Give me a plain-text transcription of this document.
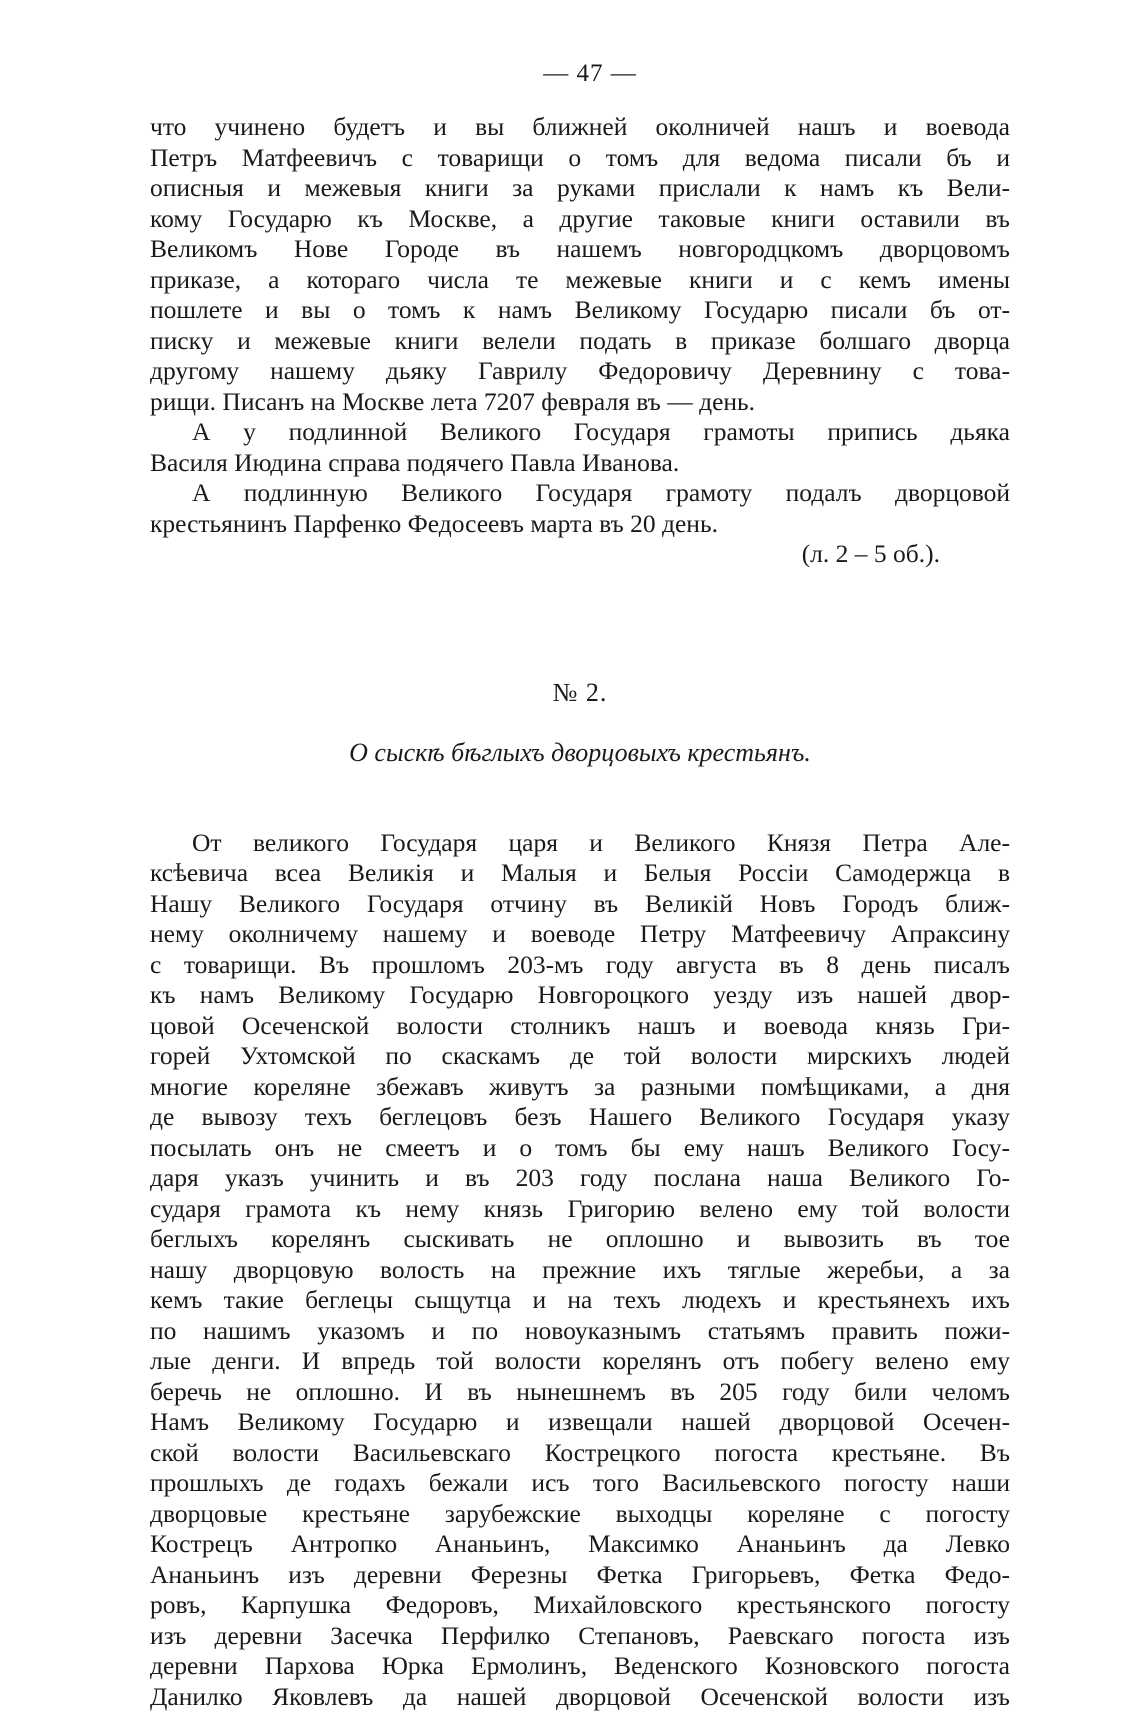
— 47 —
что учинено будетъ и вы ближней околничей нашъ и воевода
Петръ Матфеевичъ с товарищи о томъ для ведома писали бъ и
описныя и межевыя книги за руками прислали к намъ къ Вели-
кому Государю къ Москве, а другие таковые книги оставили въ
Великомъ Нове Городе въ нашемъ новгородцкомъ дворцовомъ
приказе, а котораго числа те межевые книги и с кемъ имены
пошлете и вы о томъ к намъ Великому Государю писали бъ от-
писку и межевые книги велели подать в приказе болшаго дворца
другому нашему дьяку Гаврилу Федоровичу Деревнину с това-
рищи. Писанъ на Москве лета 7207 февраля въ — день.
А у подлинной Великого Государя грамоты припись дьяка
Василя Июдина справа подячего Павла Иванова.
А подлинную Великого Государя грамоту подалъ дворцовой
крестьянинъ Парфенко Федосеевъ марта въ 20 день.
(л. 2 – 5 об.).
№ 2.
О сыскѣ бѣглыхъ дворцовыхъ крестьянъ.
От великого Государя царя и Великого Князя Петра Але-
ксѣевича всеа Великія и Малыя и Белыя Россіи Самодержца в
Нашу Великого Государя отчину въ Великій Новъ Городъ ближ-
нему околничему нашему и воеводе Петру Матфеевичу Апраксину
с товарищи. Въ прошломъ 203-мъ году августа въ 8 день писалъ
къ намъ Великому Государю Новгороцкого уезду изъ нашей двор-
цовой Осеченской волости столникъ нашъ и воевода князь Гри-
горей Ухтомской по скаскамъ де той волости мирскихъ людей
многие кореляне збежавъ живутъ за разными помѣщиками, а дня
де вывозу техъ беглецовъ безъ Нашего Великого Государя указу
посылать онъ не смеетъ и о томъ бы ему нашъ Великого Госу-
даря указъ учинить и въ 203 году послана наша Великого Го-
сударя грамота къ нему князь Григорию велено ему той волости
беглыхъ корелянъ сыскивать не оплошно и вывозить въ тое
нашу дворцовую волость на прежние ихъ тяглые жеребьи, а за
кемъ такие беглецы сыщутца и на техъ людехъ и крестьянехъ ихъ
по нашимъ указомъ и по новоуказнымъ статьямъ править пожи-
лые денги. И впредь той волости корелянъ отъ побегу велено ему
беречь не оплошно. И въ нынешнемъ въ 205 году били челомъ
Намъ Великому Государю и извещали нашей дворцовой Осечен-
ской волости Васильевскаго Кострецкого погоста крестьяне. Въ
прошлыхъ де годахъ бежали исъ того Васильевского погосту наши
дворцовые крестьяне зарубежские выходцы кореляне с погосту
Кострецъ Антропко Ананьинъ, Максимко Ананьинъ да Левко
Ананьинъ изъ деревни Ферезны Фетка Григорьевъ, Фетка Федо-
ровъ, Карпушка Федоровъ, Михайловского крестьянского погосту
изъ деревни Засечка Перфилко Степановъ, Раевскаго погоста изъ
деревни Пархова Юрка Ермолинъ, Веденского Козновского погоста
Данилко Яковлевъ да нашей дворцовой Осеченской волости изъ
